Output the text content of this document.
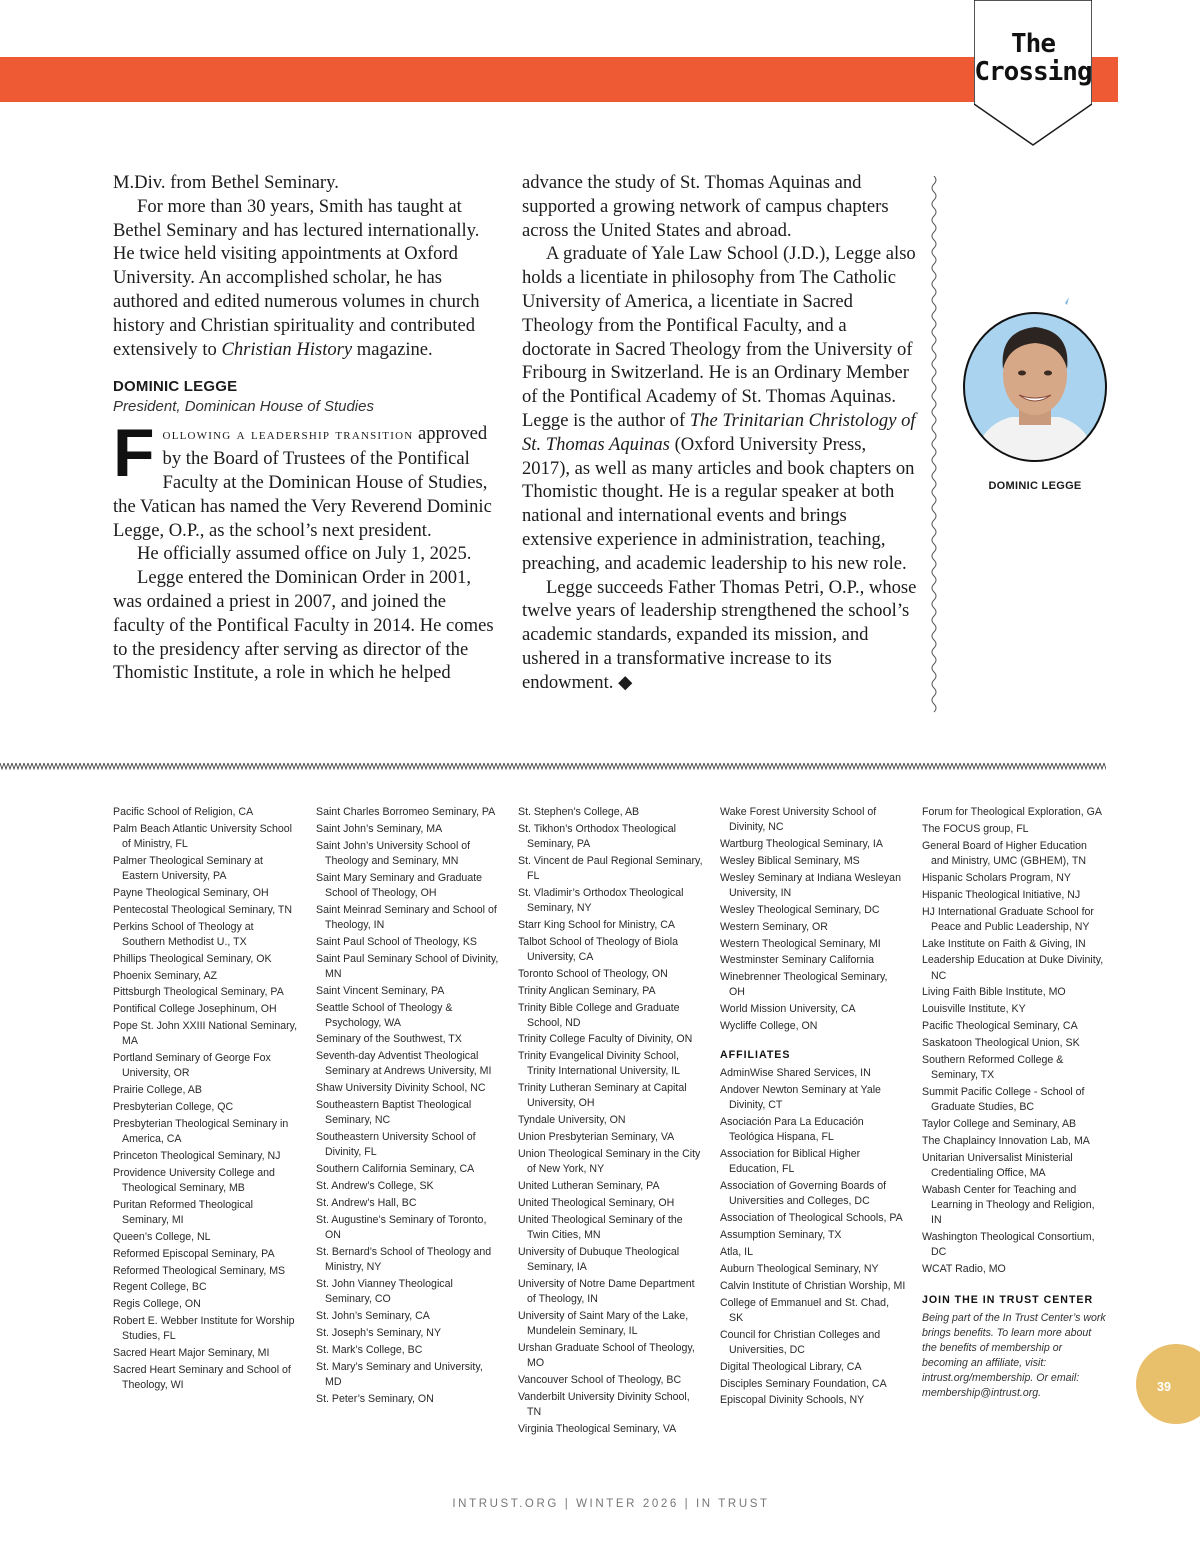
The
Crossing

M.Div. from Bethel Seminary.

For more than 30 years, Smith has taught at Bethel Seminary and has lectured internationally. He twice held visiting appointments at Oxford University. An accomplished scholar, he has authored and edited numerous volumes in church history and Christian spirituality and contributed extensively to Christian History magazine.

DOMINIC LEGGE
President, Dominican House of Studies

Following a leadership transition approved by the Board of Trustees of the Pontifical Faculty at the Dominican House of Studies, the Vatican has named the Very Reverend Dominic Legge, O.P., as the school’s next president.

He officially assumed office on July 1, 2025.

Legge entered the Dominican Order in 2001, was ordained a priest in 2007, and joined the faculty of the Pontifical Faculty in 2014. He comes to the presidency after serving as director of the Thomistic Institute, a role in which he helped

advance the study of St. Thomas Aquinas and supported a growing network of campus chapters across the United States and abroad.

A graduate of Yale Law School (J.D.), Legge also holds a licentiate in philosophy from The Catholic University of America, a licentiate in Sacred Theology from the Pontifical Faculty, and a doctorate in Sacred Theology from the University of Fribourg in Switzerland. He is an Ordinary Member of the Pontifical Academy of St. Thomas Aquinas. Legge is the author of The Trinitarian Christology of St. Thomas Aquinas (Oxford University Press, 2017), as well as many articles and book chapters on Thomistic thought. He is a regular speaker at both national and international events and brings extensive experience in administration, teaching, preaching, and academic leadership to his new role.

Legge succeeds Father Thomas Petri, O.P., whose twelve years of leadership strengthened the school’s academic standards, expanded its mission, and ushered in a transformative increase to its endowment. ◆

DOMINIC LEGGE
Pacific School of Religion, CA
Palm Beach Atlantic University School of Ministry, FL
Palmer Theological Seminary at Eastern University, PA
Payne Theological Seminary, OH
Pentecostal Theological Seminary, TN
Perkins School of Theology at Southern Methodist U., TX
Phillips Theological Seminary, OK
Phoenix Seminary, AZ
Pittsburgh Theological Seminary, PA
Pontifical College Josephinum, OH
Pope St. John XXIII National Seminary, MA
Portland Seminary of George Fox University, OR
Prairie College, AB
Presbyterian College, QC
Presbyterian Theological Seminary in America, CA
Princeton Theological Seminary, NJ
Providence University College and Theological Seminary, MB
Puritan Reformed Theological Seminary, MI
Queen’s College, NL
Reformed Episcopal Seminary, PA
Reformed Theological Seminary, MS
Regent College, BC
Regis College, ON
Robert E. Webber Institute for Worship Studies, FL
Sacred Heart Major Seminary, MI
Sacred Heart Seminary and School of Theology, WI
Saint Charles Borromeo Seminary, PA
Saint John’s Seminary, MA
Saint John’s University School of Theology and Seminary, MN
Saint Mary Seminary and Graduate School of Theology, OH
Saint Meinrad Seminary and School of Theology, IN
Saint Paul School of Theology, KS
Saint Paul Seminary School of Divinity, MN
Saint Vincent Seminary, PA
Seattle School of Theology & Psychology, WA
Seminary of the Southwest, TX
Seventh-day Adventist Theological Seminary at Andrews University, MI
Shaw University Divinity School, NC
Southeastern Baptist Theological Seminary, NC
Southeastern University School of Divinity, FL
Southern California Seminary, CA
St. Andrew’s College, SK
St. Andrew’s Hall, BC
St. Augustine’s Seminary of Toronto, ON
St. Bernard’s School of Theology and Ministry, NY
St. John Vianney Theological Seminary, CO
St. John’s Seminary, CA
St. Joseph’s Seminary, NY
St. Mark’s College, BC
St. Mary’s Seminary and University, MD
St. Peter’s Seminary, ON
St. Stephen’s College, AB
St. Tikhon’s Orthodox Theological Seminary, PA
St. Vincent de Paul Regional Seminary, FL
St. Vladimir’s Orthodox Theological Seminary, NY
Starr King School for Ministry, CA
Talbot School of Theology of Biola University, CA
Toronto School of Theology, ON
Trinity Anglican Seminary, PA
Trinity Bible College and Graduate School, ND
Trinity College Faculty of Divinity, ON
Trinity Evangelical Divinity School, Trinity International University, IL
Trinity Lutheran Seminary at Capital University, OH
Tyndale University, ON
Union Presbyterian Seminary, VA
Union Theological Seminary in the City of New York, NY
United Lutheran Seminary, PA
United Theological Seminary, OH
United Theological Seminary of the Twin Cities, MN
University of Dubuque Theological Seminary, IA
University of Notre Dame Department of Theology, IN
University of Saint Mary of the Lake, Mundelein Seminary, IL
Urshan Graduate School of Theology, MO
Vancouver School of Theology, BC
Vanderbilt University Divinity School, TN
Virginia Theological Seminary, VA
Wake Forest University School of Divinity, NC
Wartburg Theological Seminary, IA
Wesley Biblical Seminary, MS
Wesley Seminary at Indiana Wesleyan University, IN
Wesley Theological Seminary, DC
Western Seminary, OR
Western Theological Seminary, MI
Westminster Seminary California
Winebrenner Theological Seminary, OH
World Mission University, CA
Wycliffe College, ON
AFFILIATES
AdminWise Shared Services, IN
Andover Newton Seminary at Yale Divinity, CT
Asociación Para La Educación Teológica Hispana, FL
Association for Biblical Higher Education, FL
Association of Governing Boards of Universities and Colleges, DC
Association of Theological Schools, PA
Assumption Seminary, TX
Atla, IL
Auburn Theological Seminary, NY
Calvin Institute of Christian Worship, MI
College of Emmanuel and St. Chad, SK
Council for Christian Colleges and Universities, DC
Digital Theological Library, CA
Disciples Seminary Foundation, CA
Episcopal Divinity Schools, NY
Forum for Theological Exploration, GA
The FOCUS group, FL
General Board of Higher Education and Ministry, UMC (GBHEM), TN
Hispanic Scholars Program, NY
Hispanic Theological Initiative, NJ
HJ International Graduate School for Peace and Public Leadership, NY
Lake Institute on Faith & Giving, IN
Leadership Education at Duke Divinity, NC
Living Faith Bible Institute, MO
Louisville Institute, KY
Pacific Theological Seminary, CA
Saskatoon Theological Union, SK
Southern Reformed College & Seminary, TX
Summit Pacific College - School of Graduate Studies, BC
Taylor College and Seminary, AB
The Chaplaincy Innovation Lab, MA
Unitarian Universalist Ministerial Credentialing Office, MA
Wabash Center for Teaching and Learning in Theology and Religion, IN
Washington Theological Consortium, DC
WCAT Radio, MO
JOIN THE IN TRUST CENTER
Being part of the In Trust Center’s work brings benefits. To learn more about the benefits of membership or becoming an affiliate, visit: intrust.org/membership. Or email: membership@intrust.org.	39
INTRUST.ORG | WINTER 2026 | IN TRUST
